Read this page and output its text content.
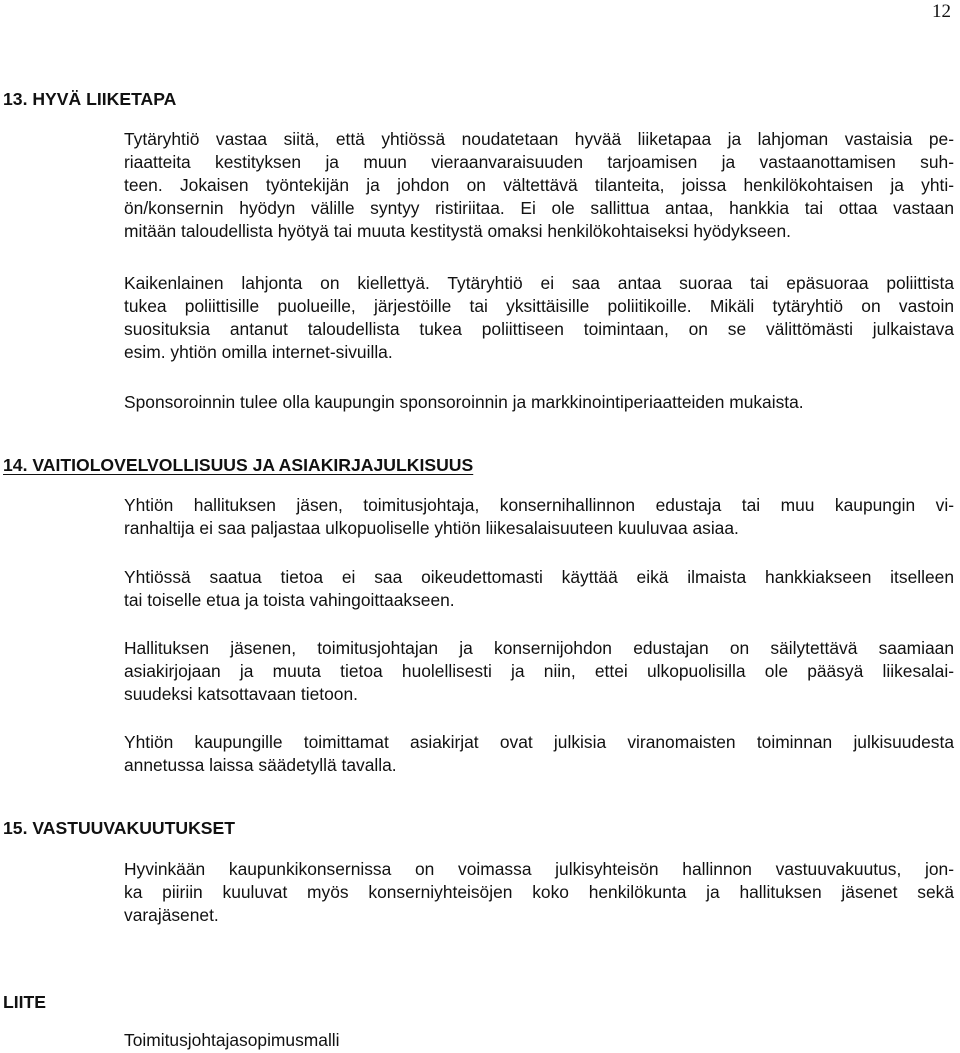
12
13. HYVÄ LIIKETAPA
Tytäryhtiö vastaa siitä, että yhtiössä noudatetaan hyvää liiketapaa ja lahjoman vastaisia pe-
riaatteita kestityksen ja muun vieraanvaraisuuden tarjoamisen ja vastaanottamisen suh-
teen. Jokaisen työntekijän ja johdon on vältettävä tilanteita, joissa henkilökohtaisen ja yhti-
ön/konsernin hyödyn välille syntyy ristiriitaa. Ei ole sallittua antaa, hankkia tai ottaa vastaan
mitään taloudellista hyötyä tai muuta kestitystä omaksi henkilökohtaiseksi hyödykseen.
Kaikenlainen lahjonta on kiellettyä. Tytäryhtiö ei saa antaa suoraa tai epäsuoraa poliittista
tukea poliittisille puolueille, järjestöille tai yksittäisille poliitikoille. Mikäli tytäryhtiö on vastoin
suosituksia antanut taloudellista tukea poliittiseen toimintaan, on se välittömästi julkaistava
esim. yhtiön omilla internet-sivuilla.
Sponsoroinnin tulee olla kaupungin sponsoroinnin ja markkinointiperiaatteiden mukaista.
14. VAITIOLOVELVOLLISUUS JA ASIAKIRJAJULKISUUS
Yhtiön hallituksen jäsen, toimitusjohtaja, konsernihallinnon edustaja tai muu kaupungin vi-
ranhaltija ei saa paljastaa ulkopuoliselle yhtiön liikesalaisuuteen kuuluvaa asiaa.
Yhtiössä saatua tietoa ei saa oikeudettomasti käyttää eikä ilmaista hankkiakseen itselleen
tai toiselle etua ja toista vahingoittaakseen.
Hallituksen jäsenen, toimitusjohtajan ja konsernijohdon edustajan on säilytettävä saamiaan
asiakirjojaan ja muuta tietoa huolellisesti ja niin, ettei ulkopuolisilla ole pääsyä liikesalai-
suudeksi katsottavaan tietoon.
Yhtiön kaupungille toimittamat asiakirjat ovat julkisia viranomaisten toiminnan julkisuudesta
annetussa laissa säädetyllä tavalla.
15. VASTUUVAKUUTUKSET
Hyvinkään kaupunkikonsernissa on voimassa julkisyhteisön hallinnon vastuuvakuutus, jon-
ka piiriin kuuluvat myös konserniyhteisöjen koko henkilökunta ja hallituksen jäsenet sekä
varajäsenet.
LIITE
Toimitusjohtajasopimusmalli
